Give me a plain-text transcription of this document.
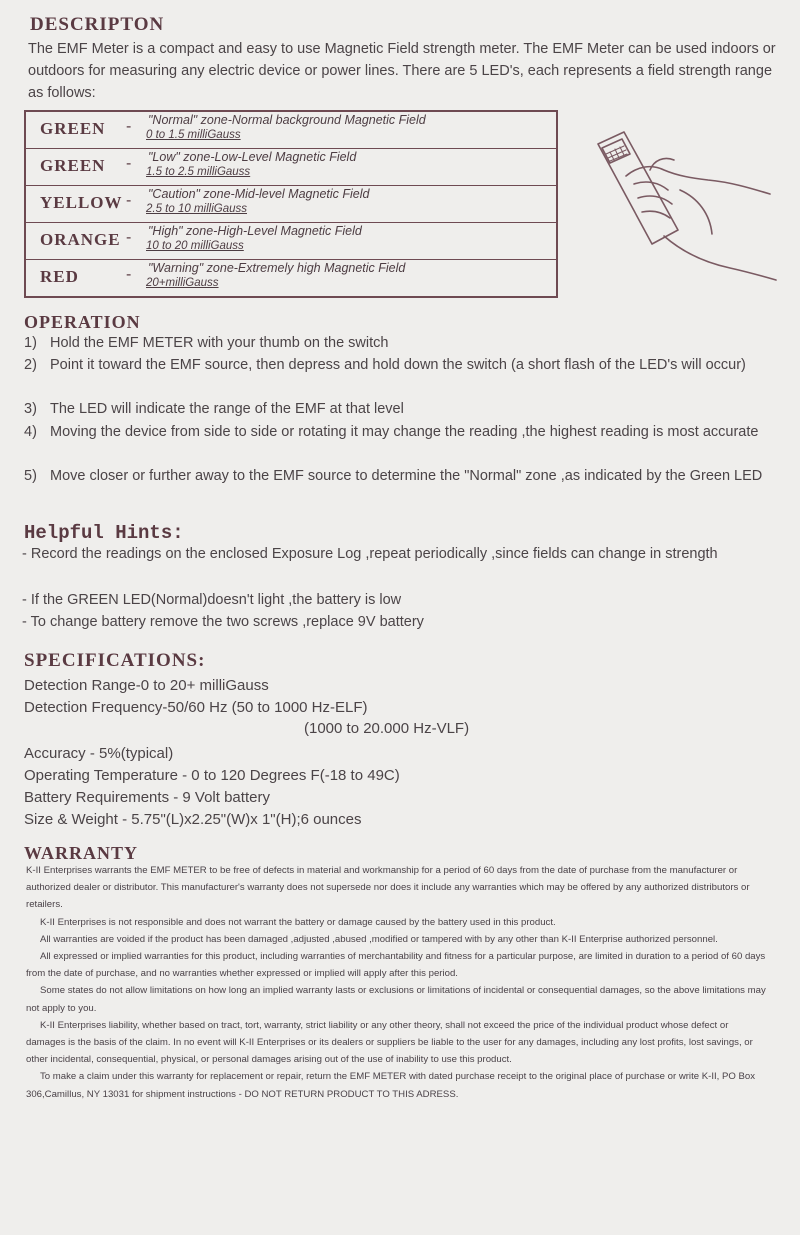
DESCRIPTON
The EMF Meter is a compact and easy to use Magnetic Field strength meter. The EMF Meter can be used indoors or outdoors for measuring any electric device or power lines. There are 5 LED's, each represents a field strength range as follows:
GREEN - "Normal" zone-Normal background Magnetic Field
0 to 1.5 milliGauss
GREEN - "Low" zone-Low-Level Magnetic Field
1.5 to 2.5 milliGauss
YELLOW - "Caution" zone-Mid-level Magnetic Field
2.5 to 10 milliGauss
ORANGE - "High" zone-High-Level Magnetic Field
10 to 20 milliGauss
RED	- "Warning" zone-Extremely high Magnetic Field
20+milliGauss
OPERATION
1) Hold the EMF METER with your thumb on the switch
2) Point it toward the EMF source, then depress and hold down the switch (a short flash of the LED's will occur)
3) The LED will indicate the range of the EMF at that level
4) Moving the device from side to side or rotating it may change the reading ,the highest reading is most accurate
5) Move closer or further away to the EMF source to determine the "Normal" zone ,as indicated by the Green LED
Helpful Hints:
- Record the readings on the enclosed Exposure Log ,repeat periodically ,since fields can change in strength
- If the GREEN LED(Normal)doesn't light ,the battery is low
- To change battery remove the two screws ,replace 9V battery
SPECIFICATIONS:
Detection Range-0 to 20+ milliGauss
Detection Frequency-50/60 Hz (50 to 1000 Hz-ELF)
(1000 to 20.000 Hz-VLF)
Accuracy - 5%(typical)
Operating Temperature - 0 to 120 Degrees F(-18 to 49C)
Battery Requirements - 9 Volt battery
Size & Weight - 5.75"(L)x2.25"(W)x 1"(H);6 ounces
WARRANTY

K-II Enterprises warrants the EMF METER to be free of defects in material and workmanship for a period of 60 days from the date of purchase from the manufacturer or authorized dealer or distributor. This manufacturer's warranty does not supersede nor does it include any warranties which may be offered by any authorized distributors or retailers.

K-II Enterprises is not responsible and does not warrant the battery or damage caused by the battery used in this product.

All warranties are voided if the product has been damaged ,adjusted ,abused ,modified or tampered with by any other than K-II Enterprise authorized personnel.

All expressed or implied warranties for this product, including warranties of merchantability and fitness for a particular purpose, are limited in duration to a period of 60 days from the date of purchase, and no warranties whether expressed or implied will apply after this period.

Some states do not allow limitations on how long an implied warranty lasts or exclusions or limitations of incidental or consequential damages, so the above limitations may not apply to you.

K-II Enterprises liability, whether based on tract, tort, warranty, strict liability or any other theory, shall not exceed the price of the individual product whose defect or damages is the basis of the claim. In no event will K-II Enterprises or its dealers or suppliers be liable to the user for any damages, including any lost profits, lost savings, or other incidental, consequential, physical, or personal damages arising out of the use of inability to use this product.

To make a claim under this warranty for replacement or repair, return the EMF METER with dated purchase receipt to the original place of purchase or write K-II, PO Box 306,Camillus, NY 13031 for shipment instructions - DO NOT RETURN PRODUCT TO THIS ADRESS.
